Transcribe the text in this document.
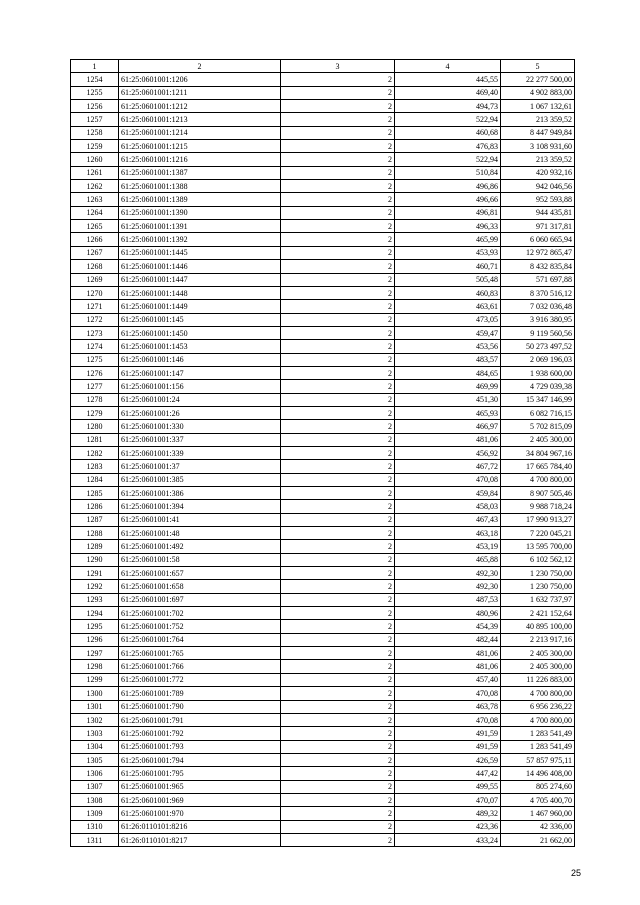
1	2	3	4	5
1254	61:25:0601001:1206	2	445,55	22 277 500,00
1255	61:25:0601001:1211	2	469,40	4 902 883,00
1256	61:25:0601001:1212	2	494,73	1 067 132,61
1257	61:25:0601001:1213	2	522,94	213 359,52
1258	61:25:0601001:1214	2	460,68	8 447 949,84
1259	61:25:0601001:1215	2	476,83	3 108 931,60
1260	61:25:0601001:1216	2	522,94	213 359,52
1261	61:25:0601001:1387	2	510,84	420 932,16
1262	61:25:0601001:1388	2	496,86	942 046,56
1263	61:25:0601001:1389	2	496,66	952 593,88
1264	61:25:0601001:1390	2	496,81	944 435,81
1265	61:25:0601001:1391	2	496,33	971 317,81
1266	61:25:0601001:1392	2	465,99	6 060 665,94
1267	61:25:0601001:1445	2	453,93	12 972 865,47
1268	61:25:0601001:1446	2	460,71	8 432 835,84
1269	61:25:0601001:1447	2	505,48	571 697,88
1270	61:25:0601001:1448	2	460,83	8 370 516,12
1271	61:25:0601001:1449	2	463,61	7 032 036,48
1272	61:25:0601001:145	2	473,05	3 916 380,95
1273	61:25:0601001:1450	2	459,47	9 119 560,56
1274	61:25:0601001:1453	2	453,56	50 273 497,52
1275	61:25:0601001:146	2	483,57	2 069 196,03
1276	61:25:0601001:147	2	484,65	1 938 600,00
1277	61:25:0601001:156	2	469,99	4 729 039,38
1278	61:25:0601001:24	2	451,30	15 347 146,99
1279	61:25:0601001:26	2	465,93	6 082 716,15
1280	61:25:0601001:330	2	466,97	5 702 815,09
1281	61:25:0601001:337	2	481,06	2 405 300,00
1282	61:25:0601001:339	2	456,92	34 804 967,16
1283	61:25:0601001:37	2	467,72	17 665 784,40
1284	61:25:0601001:385	2	470,08	4 700 800,00
1285	61:25:0601001:386	2	459,84	8 907 505,46
1286	61:25:0601001:394	2	458,03	9 988 718,24
1287	61:25:0601001:41	2	467,43	17 990 913,27
1288	61:25:0601001:48	2	463,18	7 220 045,21
1289	61:25:0601001:492	2	453,19	13 595 700,00
1290	61:25:0601001:58	2	465,88	6 102 562,12
1291	61:25:0601001:657	2	492,30	1 230 750,00
1292	61:25:0601001:658	2	492,30	1 230 750,00
1293	61:25:0601001:697	2	487,53	1 632 737,97
1294	61:25:0601001:702	2	480,96	2 421 152,64
1295	61:25:0601001:752	2	454,39	40 895 100,00
1296	61:25:0601001:764	2	482,44	2 213 917,16
1297	61:25:0601001:765	2	481,06	2 405 300,00
1298	61:25:0601001:766	2	481,06	2 405 300,00
1299	61:25:0601001:772	2	457,40	11 226 883,00
1300	61:25:0601001:789	2	470,08	4 700 800,00
1301	61:25:0601001:790	2	463,78	6 956 236,22
1302	61:25:0601001:791	2	470,08	4 700 800,00
1303	61:25:0601001:792	2	491,59	1 283 541,49
1304	61:25:0601001:793	2	491,59	1 283 541,49
1305	61:25:0601001:794	2	426,59	57 857 975,11
1306	61:25:0601001:795	2	447,42	14 496 408,00
1307	61:25:0601001:965	2	499,55	805 274,60
1308	61:25:0601001:969	2	470,07	4 705 400,70
1309	61:25:0601001:970	2	489,32	1 467 960,00
1310	61:26:0110101:8216	2	423,36	42 336,00
1311	61:26:0110101:8217	2	433,24	21 662,00
25
